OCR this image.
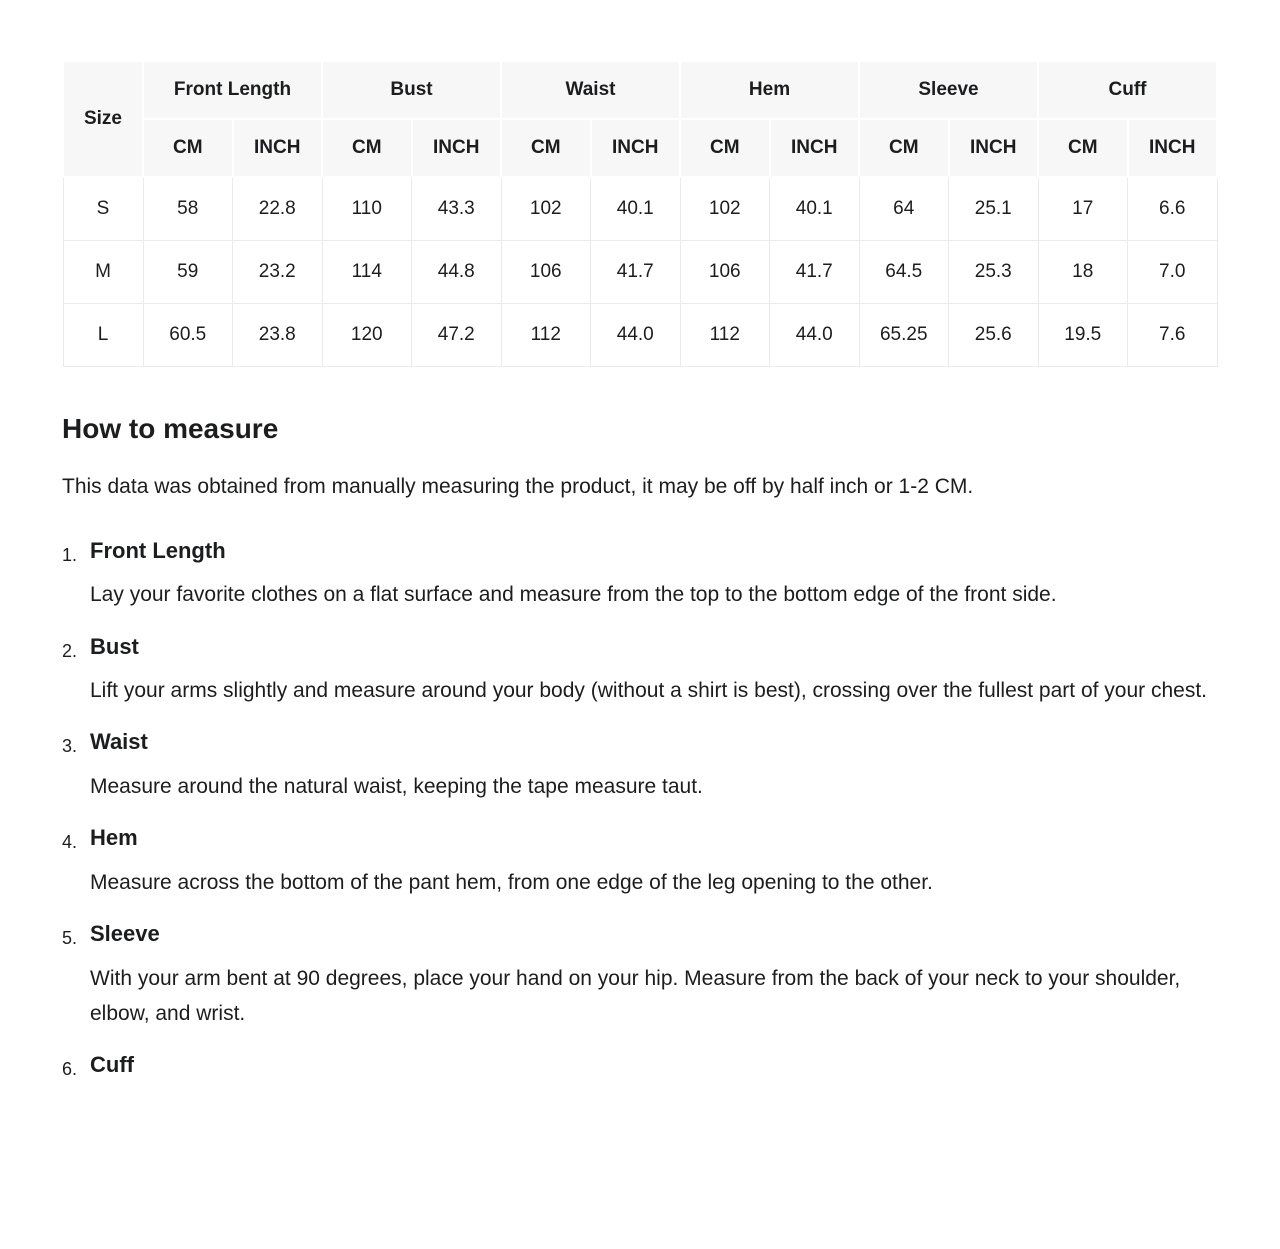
Size	Front Length		Bust		Waist		Hem		Sleeve		Cuff	
	CM	INCH	CM	INCH	CM	INCH	CM	INCH	CM	INCH	CM	INCH
S	58	22.8	110	43.3	102	40.1	102	40.1	64	25.1	17	6.6
M	59	23.2	114	44.8	106	41.7	106	41.7	64.5	25.3	18	7.0
L	60.5	23.8	120	47.2	112	44.0	112	44.0	65.25	25.6	19.5	7.6
How to measure

This data was obtained from manually measuring the product, it may be off by half inch or 1-2 CM.

1. Front Length

Lay your favorite clothes on a flat surface and measure from the top to the bottom edge of the front side.

2. Bust

Lift your arms slightly and measure around your body (without a shirt is best), crossing over the fullest part of your chest.

3. Waist

Measure around the natural waist, keeping the tape measure taut.

4. Hem

Measure across the bottom of the pant hem, from one edge of the leg opening to the other.

5. Sleeve

With your arm bent at 90 degrees, place your hand on your hip. Measure from the back of your neck to your shoulder, elbow, and wrist.

6. Cuff
